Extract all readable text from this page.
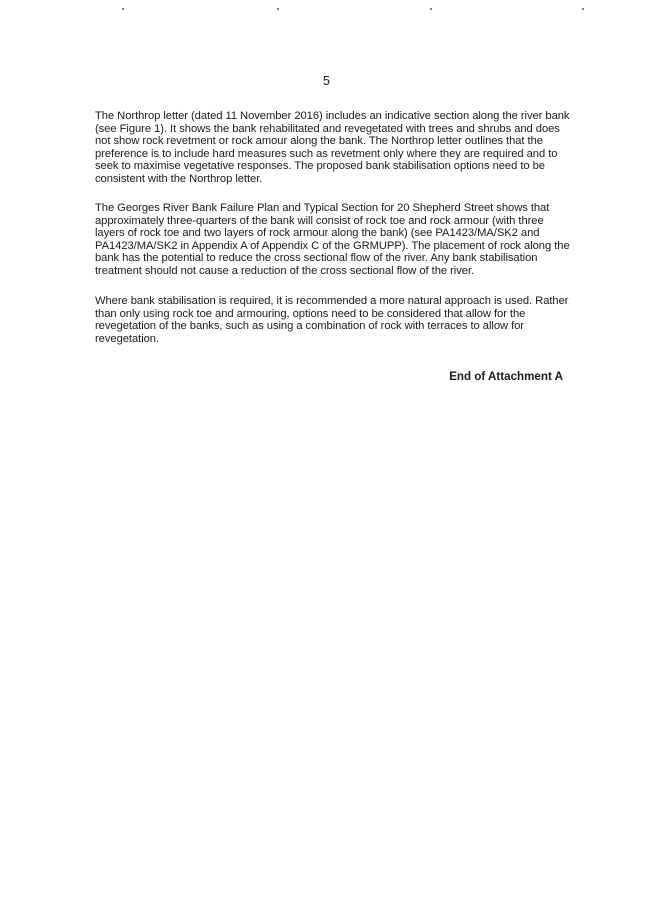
5

The Northrop letter (dated 11 November 2016) includes an indicative section along the river bank (see Figure 1). It shows the bank rehabilitated and revegetated with trees and shrubs and does not show rock revetment or rock amour along the bank. The Northrop letter outlines that the preference is to include hard measures such as revetment only where they are required and to seek to maximise vegetative responses. The proposed bank stabilisation options need to be consistent with the Northrop letter.

The Georges River Bank Failure Plan and Typical Section for 20 Shepherd Street shows that approximately three-quarters of the bank will consist of rock toe and rock armour (with three layers of rock toe and two layers of rock armour along the bank) (see PA1423/MA/SK2 and PA1423/MA/SK2 in Appendix A of Appendix C of the GRMUPP). The placement of rock along the bank has the potential to reduce the cross sectional flow of the river. Any bank stabilisation treatment should not cause a reduction of the cross sectional flow of the river.

Where bank stabilisation is required, it is recommended a more natural approach is used. Rather than only using rock toe and armouring, options need to be considered that allow for the revegetation of the banks, such as using a combination of rock with terraces to allow for revegetation.

End of Attachment A
